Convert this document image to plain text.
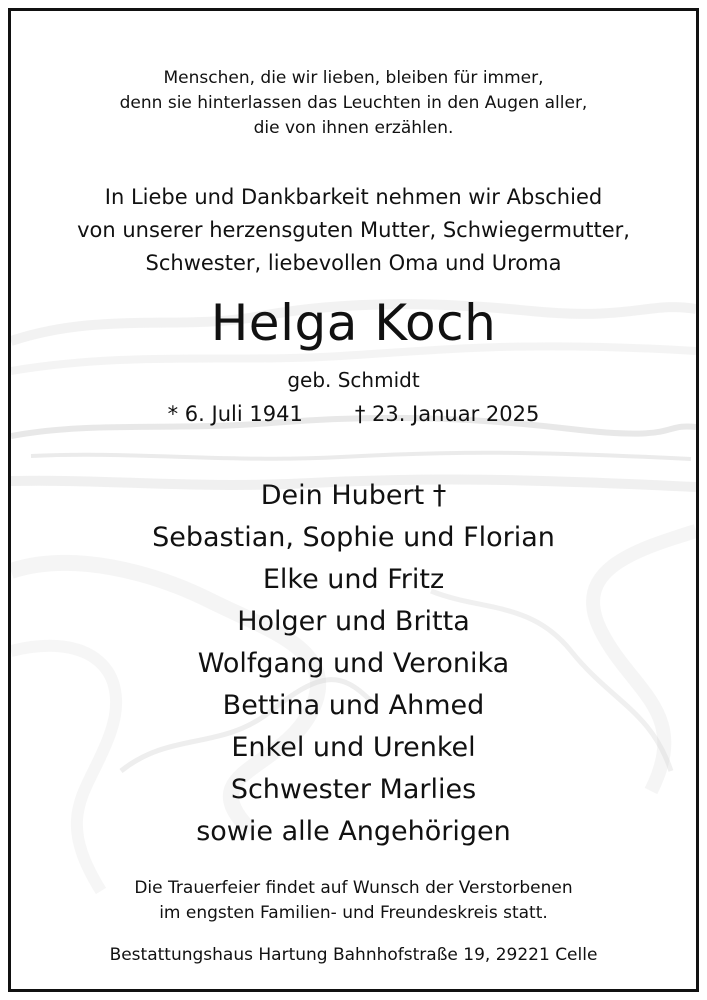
Menschen, die wir lieben, bleiben für immer,

denn sie hinterlassen das Leuchten in den Augen aller,

die von ihnen erzählen.

In Liebe und Dankbarkeit nehmen wir Abschied

von unserer herzensguten Mutter, Schwiegermutter,

Schwester, liebevollen Oma und Uroma

Helga Koch

geb. Schmidt

* 6. Juli 1941 † 23. Januar 2025

Dein Hubert †

Sebastian, Sophie und Florian

Elke und Fritz

Holger und Britta

Wolfgang und Veronika

Bettina und Ahmed

Enkel und Urenkel

Schwester Marlies

sowie alle Angehörigen

Die Trauerfeier findet auf Wunsch der Verstorbenen

im engsten Familien- und Freundeskreis statt.

Bestattungshaus Hartung Bahnhofstraße 19, 29221 Celle
